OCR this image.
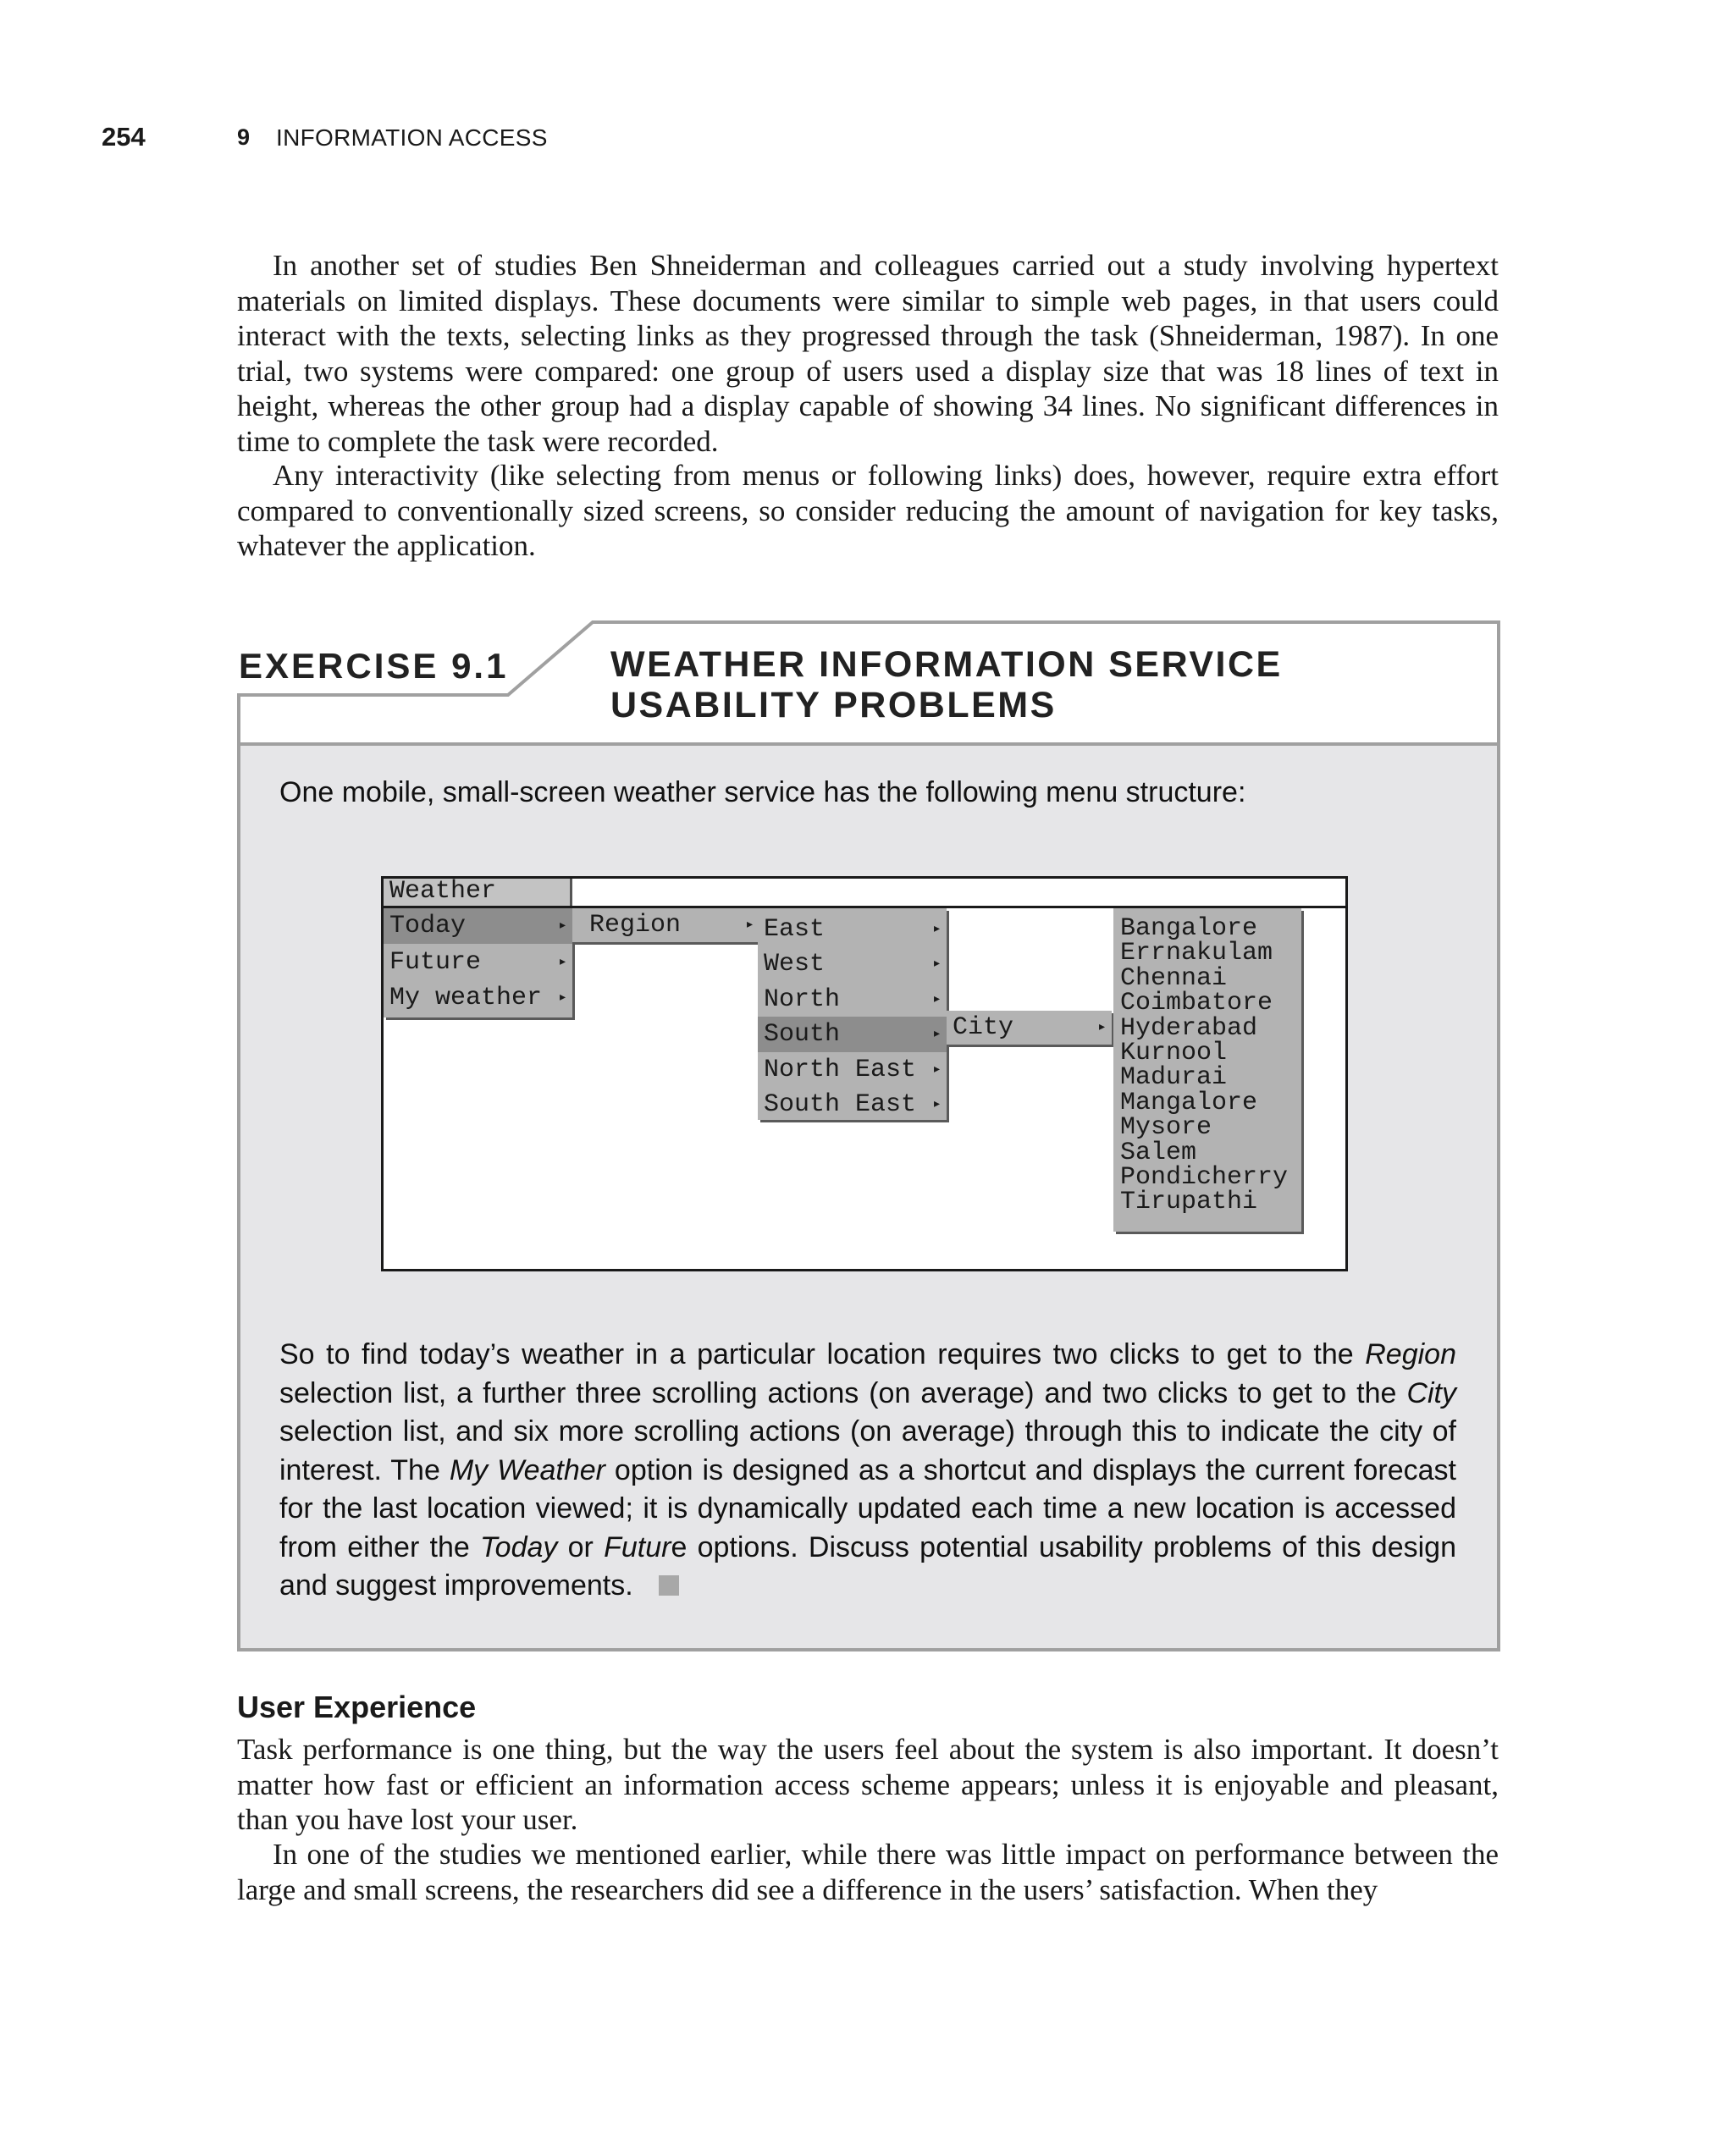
254	9 INFORMATION ACCESS

In another set of studies Ben Shneiderman and colleagues carried out a study involving hypertext materials on limited displays. These documents were similar to simple web pages, in that users could interact with the texts, selecting links as they progressed through the task (Shneiderman, 1987). In one trial, two systems were compared: one group of users used a display size that was 18 lines of text in height, whereas the other group had a display capable of showing 34 lines. No significant differences in time to complete the task were recorded.

Any interactivity (like selecting from menus or following links) does, however, require extra effort compared to conventionally sized screens, so consider reducing the amount of navigation for key tasks, whatever the application.

EXERCISE 9.1	WEATHER INFORMATION SERVICE USABILITY PROBLEMS

One mobile, small-screen weather service has the following menu structure:

Weather
Today	▸
Future	▸
My weather ▸
Region	▸ East	▸
West	▸
North	▸
South	▸
North East ▸
South East ▸
City	▸
Bangalore
Errnakulam
Chennai
Coimbatore
Hyderabad
Kurnool
Madurai
Mangalore
Mysore
Salem
Pondicherry
Tirupathi

So to find today’s weather in a particular location requires two clicks to get to the Region selection list, a further three scrolling actions (on average) and two clicks to get to the City selection list, and six more scrolling actions (on average) through this to indicate the city of interest. The My Weather option is designed as a shortcut and displays the current forecast for the last location viewed; it is dynamically updated each time a new location is accessed from either the Today or Future options. Discuss potential usability problems of this design and suggest improvements.

User Experience

Task performance is one thing, but the way the users feel about the system is also important. It doesn’t matter how fast or efficient an information access scheme appears; unless it is enjoyable and pleasant, than you have lost your user.

In one of the studies we mentioned earlier, while there was little impact on performance between the large and small screens, the researchers did see a difference in the users’ satisfaction. When they
